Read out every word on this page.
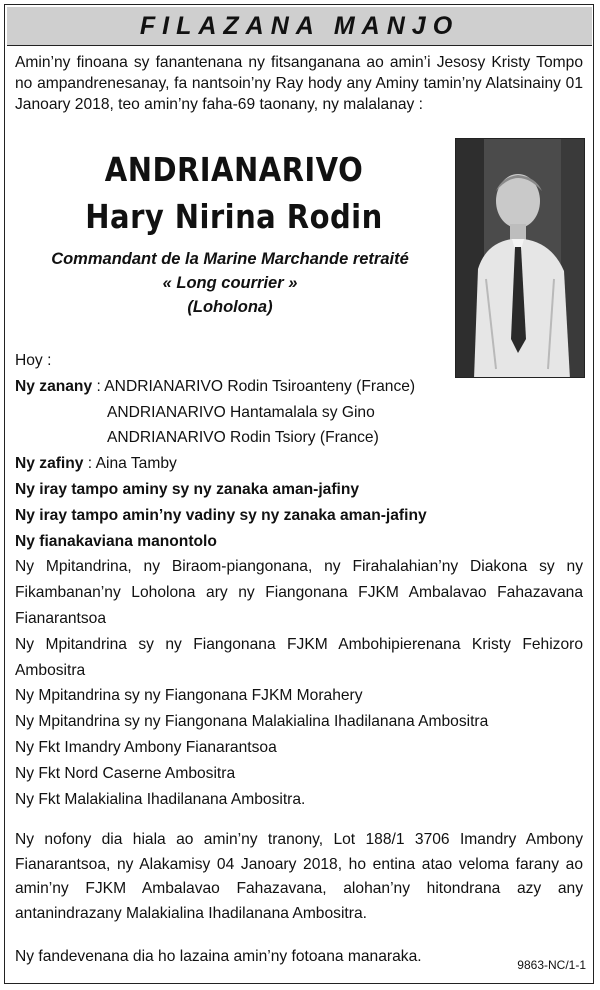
FILAZANA MANJO
Amin’ny finoana sy fanantenana ny fitsanganana ao amin’i Jesosy Kristy Tompo no ampandrenesanay, fa nantsoin’ny Ray hody any Aminy tamin’ny Alatsinainy 01 Janoary 2018, teo amin’ny faha-69 taonany, ny malalanay :
ANDRIANARIVO
Hary Nirina Rodin
Commandant de la Marine Marchande retraité
« Long courrier »
(Loholona)
Hoy :
Ny zanany : ANDRIANARIVO Rodin Tsiroanteny (France)
ANDRIANARIVO Hantamalala sy Gino
ANDRIANARIVO Rodin Tsiory (France)
Ny zafiny : Aina Tamby
Ny iray tampo aminy sy ny zanaka aman-jafiny
Ny iray tampo amin’ny vadiny sy ny zanaka aman-jafiny
Ny fianakaviana manontolo
Ny Mpitandrina, ny Biraom-piangonana, ny Firahalahian’ny Diakona sy ny Fikambanan’ny Loholona ary ny Fiangonana FJKM Ambalavao Fahazavana Fianarantsoa
Ny Mpitandrina sy ny Fiangonana FJKM Ambohipierenana Kristy Fehizoro Ambositra
Ny Mpitandrina sy ny Fiangonana FJKM Morahery
Ny Mpitandrina sy ny Fiangonana Malakialina Ihadilanana Ambositra
Ny Fkt Imandry Ambony Fianarantsoa
Ny Fkt Nord Caserne Ambositra
Ny Fkt Malakialina Ihadilanana Ambositra.
Ny nofony dia hiala ao amin’ny tranony, Lot 188/1 3706 Imandry Ambony Fianarantsoa, ny Alakamisy 04 Janoary 2018, ho entina atao veloma farany ao amin’ny FJKM Ambalavao Fahazavana, alohan’ny hitondrana azy any antanindrazany Malakialina Ihadilanana Ambositra.
Ny fandevenana dia ho lazaina amin’ny fotoana manaraka.	9863-NC/1-1
